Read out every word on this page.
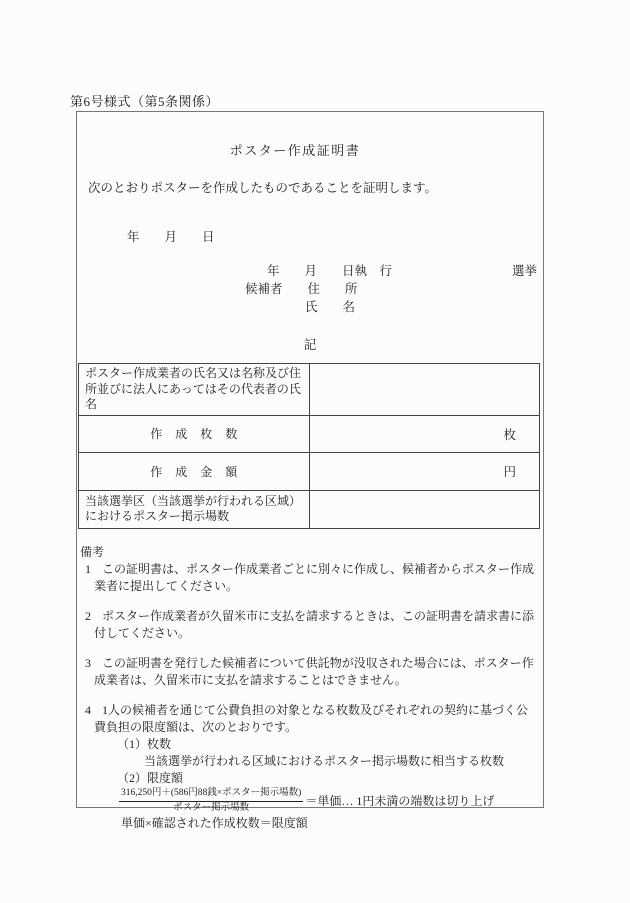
第6号様式（第5条関係）
ポスター作成証明書
次のとおりポスターを作成したものであることを証明します。
年　　月　　日
年　　月　　日執　行	選挙
候補者　　住　　所
氏　　名
記
ポスター作成業者の氏名又は名称及び住所並びに法人にあってはその代表者の氏名	
作　成　枚　数	枚
作　成　金　額	円
当該選挙区（当該選挙が行われる区域）におけるポスター掲示場数	
備考
1 この証明書は、ポスター作成業者ごとに別々に作成し、候補者からポスター作成業者に提出してください。
2 ポスター作成業者が久留米市に支払を請求するときは、この証明書を請求書に添付してください。
3 この証明書を発行した候補者について供託物が没収された場合には、ポスター作成業者は、久留米市に支払を請求することはできません。
4 1人の候補者を通じて公費負担の対象となる枚数及びそれぞれの契約に基づく公費負担の限度額は、次のとおりです。
（1）枚数
当該選挙が行われる区域におけるポスター掲示場数に相当する枚数
（2）限度額
$\frac{\text{316,250円＋(586円88銭×ポスター掲示場数)}}{\text{ポスター掲示場数}}$ ＝単価… 1円未満の端数は切り上げ
単価×確認された作成枚数＝限度額
